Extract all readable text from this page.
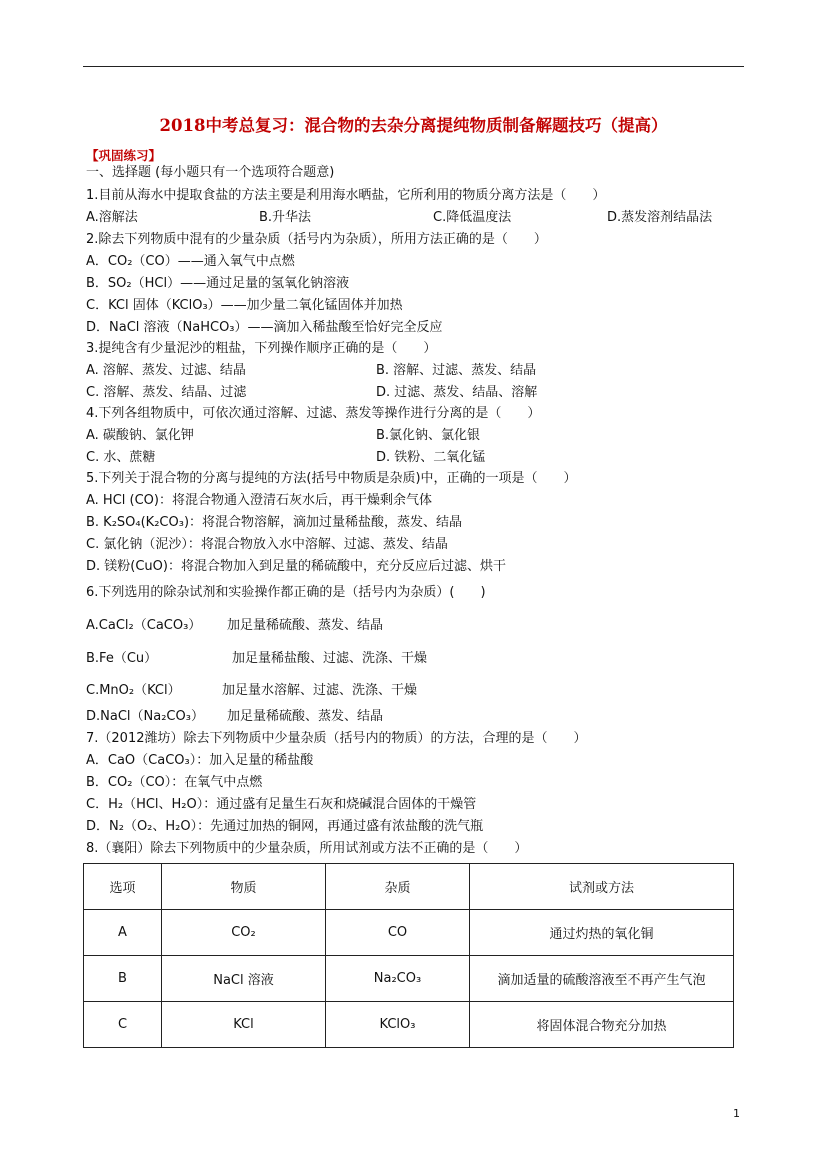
2018中考总复习：混合物的去杂分离提纯物质制备解题技巧（提高）
【巩固练习】
一、选择题 (每小题只有一个选项符合题意)
1.目前从海水中提取食盐的方法主要是利用海水晒盐，它所利用的物质分离方法是（　　）
A.溶解法	B.升华法	C.降低温度法	D.蒸发溶剂结晶法
2.除去下列物质中混有的少量杂质（括号内为杂质），所用方法正确的是（　　）
A．CO₂（CO）——通入氧气中点燃
B．SO₂（HCl）——通过足量的氢氧化钠溶液
C．KCl 固体（KClO₃）——加少量二氧化锰固体并加热
D．NaCl 溶液（NaHCO₃）——滴加入稀盐酸至恰好完全反应
3.提纯含有少量泥沙的粗盐，下列操作顺序正确的是（　　）
A. 溶解、蒸发、过滤、结晶	B. 溶解、过滤、蒸发、结晶
C. 溶解、蒸发、结晶、过滤	D. 过滤、蒸发、结晶、溶解
4.下列各组物质中，可依次通过溶解、过滤、蒸发等操作进行分离的是（　　）
A. 碳酸钠、氯化钾	B.氯化钠、氯化银
C. 水、蔗糖	D. 铁粉、二氧化锰
5.下列关于混合物的分离与提纯的方法(括号中物质是杂质)中，正确的一项是（　　）
A. HCl (CO)：将混合物通入澄清石灰水后，再干燥剩余气体
B. K₂SO₄(K₂CO₃)：将混合物溶解，滴加过量稀盐酸，蒸发、结晶
C. 氯化钠（泥沙）：将混合物放入水中溶解、过滤、蒸发、结晶
D. 镁粉(CuO)：将混合物加入到足量的稀硫酸中，充分反应后过滤、烘干
6.下列选用的除杂试剂和实验操作都正确的是（括号内为杂质）(　　)
A.CaCl₂（CaCO₃） 加足量稀硫酸、蒸发、结晶
B.Fe（Cu）	加足量稀盐酸、过滤、洗涤、干燥
C.MnO₂（KCl）	加足量水溶解、过滤、洗涤、干燥
D.NaCl（Na₂CO₃） 加足量稀硫酸、蒸发、结晶
7.（2012潍坊）除去下列物质中少量杂质（括号内的物质）的方法，合理的是（　　）
A．CaO（CaCO₃）：加入足量的稀盐酸
B．CO₂（CO）：在氧气中点燃
C．H₂（HCl、H₂O）：通过盛有足量生石灰和烧碱混合固体的干燥管
D．N₂（O₂、H₂O）：先通过加热的铜网，再通过盛有浓盐酸的洗气瓶
8.（襄阳）除去下列物质中的少量杂质，所用试剂或方法不正确的是（　　）
选项	物质	杂质	试剂或方法
A	CO₂	CO	通过灼热的氧化铜
B	NaCl 溶液	Na₂CO₃	滴加适量的硫酸溶液至不再产生气泡
C	KCl	KClO₃	将固体混合物充分加热
1
